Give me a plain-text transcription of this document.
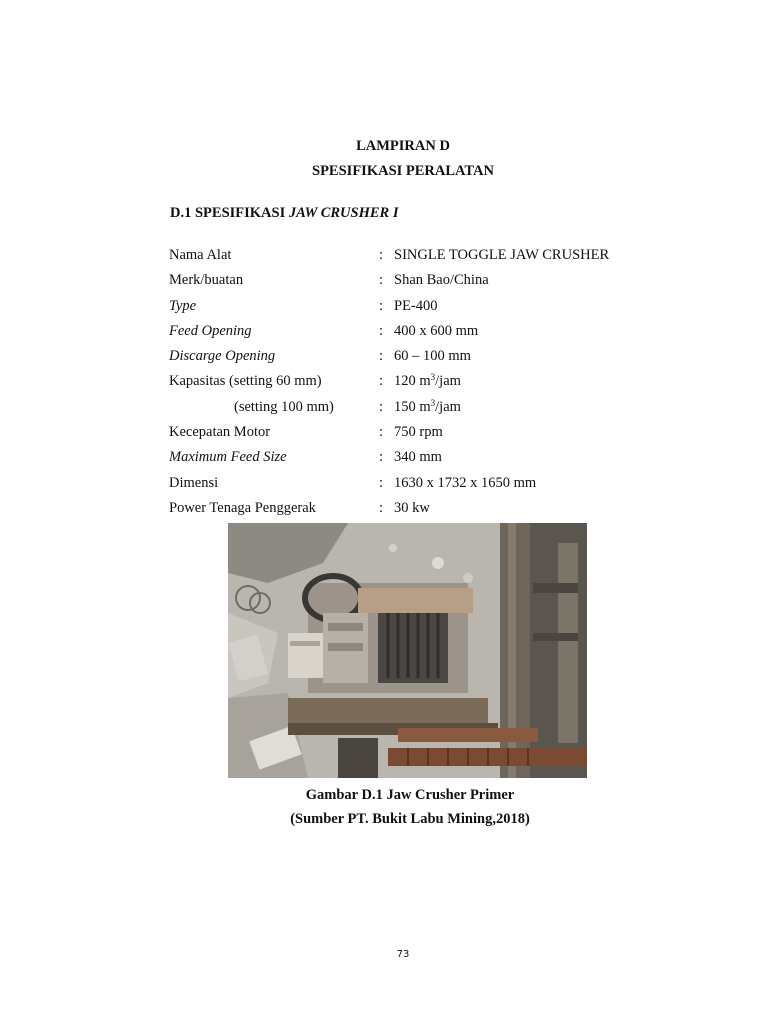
LAMPIRAN D
SPESIFIKASI PERALATAN
D.1 SPESIFIKASI JAW CRUSHER I
Nama Alat	: SINGLE TOGGLE JAW CRUSHER
Merk/buatan	: Shan Bao/China
Type	: PE-400
Feed Opening	: 400 x 600 mm
Discarge Opening	: 60 – 100 mm
Kapasitas (setting 60 mm)	: 120 $m^3$/jam
(setting 100 mm)	: 150 $m^3$/jam
Kecepatan Motor	: 750 rpm
Maximum Feed Size	: 340 mm
Dimensi	: 1630 x 1732 x 1650 mm
Power Tenaga Penggerak	: 30 kw
Gambar D.1 Jaw Crusher Primer
(Sumber PT. Bukit Labu Mining,2018)
73
